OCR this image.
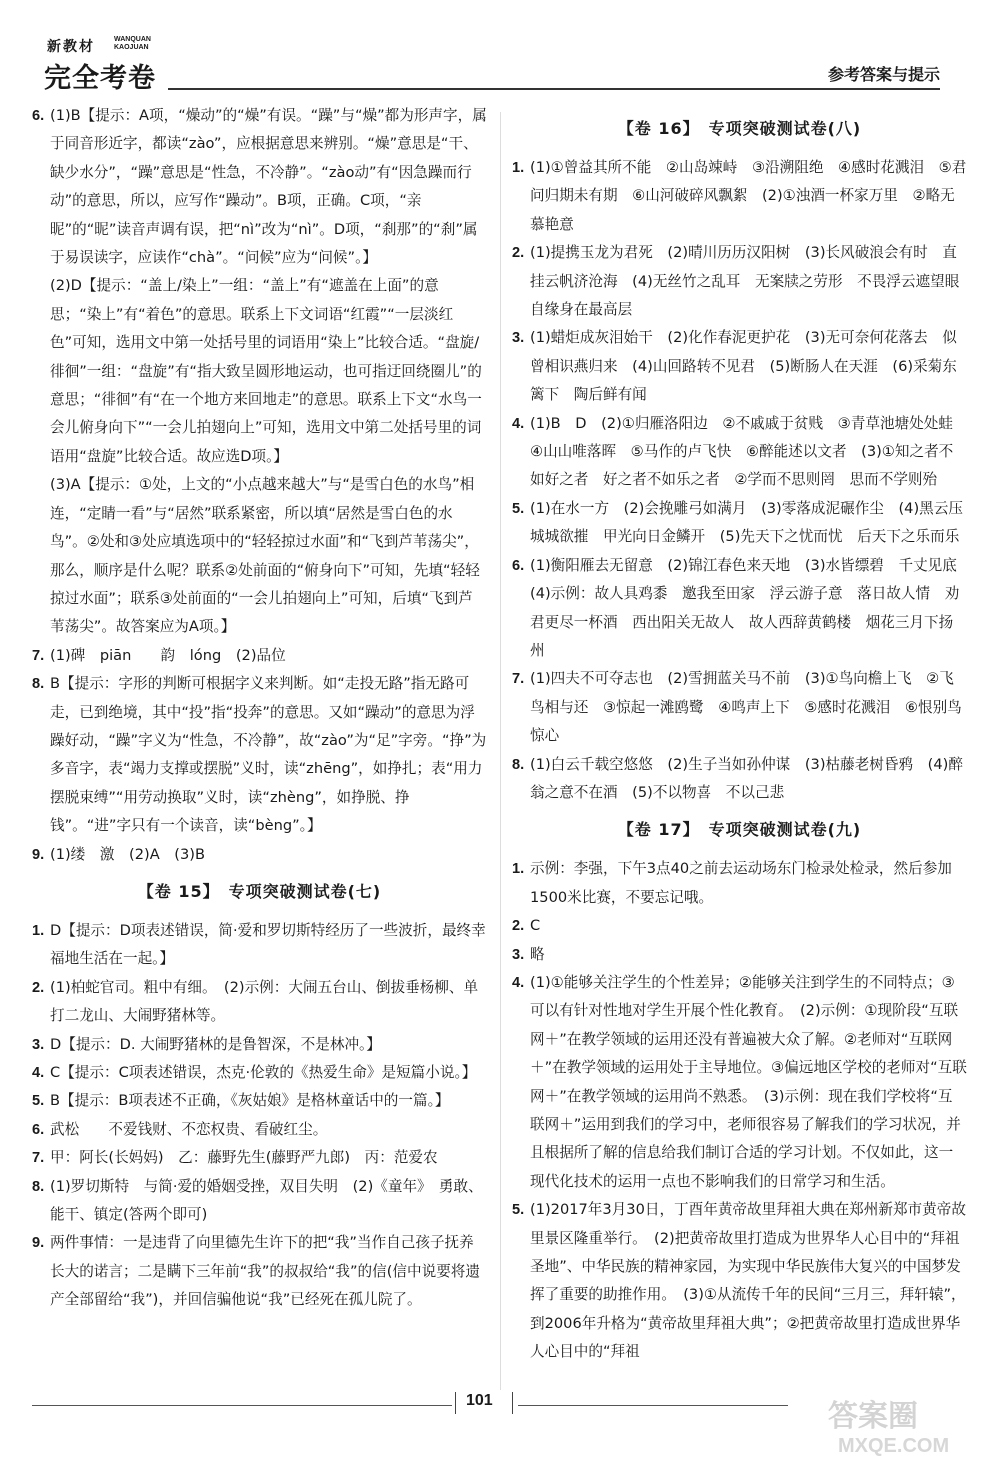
新教材	WANQUAN
KAOJUAN
完全考卷	参考答案与提示
6. (1)B【提示：A项，“燥动”的“燥”有误。“躁”与“燥”都为形声字，属于同音形近字，都读“zào”，应根据意思来辨别。“燥”意思是“干、缺少水分”，“躁”意思是“性急，不冷静”。“zào动”有“因急躁而行动”的意思，所以，应写作“躁动”。B项，正确。C项，“亲昵”的“昵”读音声调有误，把“nì”改为“nì”。D项，“刹那”的“刹”属于易误读字，应读作“chà”。“问候”应为“问候”。】
(2)D【提示：“盖上/染上”一组：“盖上”有“遮盖在上面”的意思；“染上”有“着色”的意思。联系上下文词语“红霞”“一层淡红色”可知，选用文中第一处括号里的词语用“染上”比较合适。“盘旋/徘徊”一组：“盘旋”有“指大致呈圆形地运动，也可指迂回绕圈儿”的意思；“徘徊”有“在一个地方来回地走”的意思。联系上下文“水鸟一会儿俯身向下”“一会儿拍翅向上”可知，选用文中第二处括号里的词语用“盘旋”比较合适。故应选D项。】
(3)A【提示：①处，上文的“小点越来越大”与“是雪白色的水鸟”相连，“定睛一看”与“居然”联系紧密，所以填“居然是雪白色的水鸟”。②处和③处应填选项中的“轻轻掠过水面”和“飞到芦苇荡尖”，那么，顺序是什么呢？联系②处前面的“俯身向下”可知，先填“轻轻掠过水面”；联系③处前面的“一会儿拍翅向上”可知，后填“飞到芦苇荡尖”。故答案应为A项。】
7. (1)碑　piān　　韵　lóng　(2)品位
8. B【提示：字形的判断可根据字义来判断。如“走投无路”指无路可走，已到绝境，其中“投”指“投奔”的意思。又如“躁动”的意思为浮躁好动，“躁”字义为“性急，不冷静”，故“zào”为“足”字旁。“挣”为多音字，表“竭力支撑或摆脱”义时，读“zhēng”，如挣扎；表“用力摆脱束缚”“用劳动换取”义时，读“zhèng”，如挣脱、挣钱”。“进”字只有一个读音，读“bèng”。】
9. (1)缕　激　(2)A　(3)B
【卷 15】　专项突破测试卷(七)
1. D【提示：D项表述错误，简·爱和罗切斯特经历了一些波折，最终幸福地生活在一起。】
2. (1)柏蛇官司。粗中有细。　(2)示例：大闹五台山、倒拔垂杨柳、单打二龙山、大闹野猪林等。
3. D【提示：D. 大闹野猪林的是鲁智深，不是林冲。】
4. C【提示：C项表述错误，杰克·伦敦的《热爱生命》是短篇小说。】
5. B【提示：B项表述不正确，《灰姑娘》是格林童话中的一篇。】
6. 武松　　不爱钱财、不恋权贵、看破红尘。
7. 甲：阿长(长妈妈)　乙：藤野先生(藤野严九郎)　丙：范爱农
8. (1)罗切斯特　与简·爱的婚姻受挫，双目失明　(2)《童年》　勇敢、能干、镇定(答两个即可)
9. 两件事情：一是违背了向里德先生许下的把“我”当作自己孩子抚养长大的诺言；二是瞒下三年前“我”的叔叔给“我”的信(信中说要将遗产全部留给“我”)，并回信骗他说“我”已经死在孤儿院了。
【卷 16】　专项突破测试卷(八)
1. (1)①曾益其所不能　②山岛竦峙　③沿溯阻绝　④感时花溅泪　⑤君问归期未有期　⑥山河破碎风飘絮　(2)①浊酒一杯家万里　②略无慕艳意
2. (1)提携玉龙为君死　(2)晴川历历汉阳树　(3)长风破浪会有时　直挂云帆济沧海　(4)无丝竹之乱耳　无案牍之劳形　不畏浮云遮望眼　自缘身在最高层
3. (1)蜡炬成灰泪始干　(2)化作春泥更护花　(3)无可奈何花落去　似曾相识燕归来　(4)山回路转不见君　(5)断肠人在天涯　(6)采菊东篱下　陶后鲜有闻
4. (1)B　D　(2)①归雁洛阳边　②不戚戚于贫贱　③青草池塘处处蛙　④山山唯落晖　⑤马作的卢飞快　⑥醉能述以文者　(3)①知之者不如好之者　好之者不如乐之者　②学而不思则罔　思而不学则殆
5. (1)在水一方　(2)会挽雕弓如满月　(3)零落成泥碾作尘　(4)黑云压城城欲摧　甲光向日金鳞开　(5)先天下之忧而忧　后天下之乐而乐
6. (1)衡阳雁去无留意　(2)锦江春色来天地　(3)水皆缥碧　千丈见底　(4)示例：故人具鸡黍　邀我至田家　浮云游子意　落日故人情　劝君更尽一杯酒　西出阳关无故人　故人西辞黄鹤楼　烟花三月下扬州
7. (1)四夫不可夺志也　(2)雪拥蓝关马不前　(3)①鸟向檐上飞　②飞鸟相与还　③惊起一滩鸥鹭　④鸣声上下　⑤感时花溅泪　⑥恨别鸟惊心
8. (1)白云千载空悠悠　(2)生子当如孙仲谋　(3)枯藤老树昏鸦　(4)醉翁之意不在酒　(5)不以物喜　不以己悲
【卷 17】　专项突破测试卷(九)
1. 示例：李强，下午3点40之前去运动场东门检录处检录，然后参加1500米比赛，不要忘记哦。
2. C
3. 略
4. (1)①能够关注学生的个性差异；②能够关注到学生的不同特点；③可以有针对性地对学生开展个性化教育。　(2)示例：①现阶段“互联网＋”在教学领域的运用还没有普遍被大众了解。②老师对“互联网＋”在教学领域的运用处于主导地位。③偏远地区学校的老师对“互联网＋”在教学领域的运用尚不熟悉。　(3)示例：现在我们学校将“互联网＋”运用到我们的学习中，老师很容易了解我们的学习状况，并且根据所了解的信息给我们制订合适的学习计划。不仅如此，这一现代化技术的运用一点也不影响我们的日常学习和生活。
5. (1)2017年3月30日，丁酉年黄帝故里拜祖大典在郑州新郑市黄帝故里景区隆重举行。　(2)把黄帝故里打造成为世界华人心目中的“拜祖圣地”、中华民族的精神家园，为实现中华民族伟大复兴的中国梦发挥了重要的助推作用。　(3)①从流传千年的民间“三月三，拜轩辕”，到2006年升格为“黄帝故里拜祖大典”；②把黄帝故里打造成世界华人心目中的“拜祖
101	答案圈
MXQE.COM
